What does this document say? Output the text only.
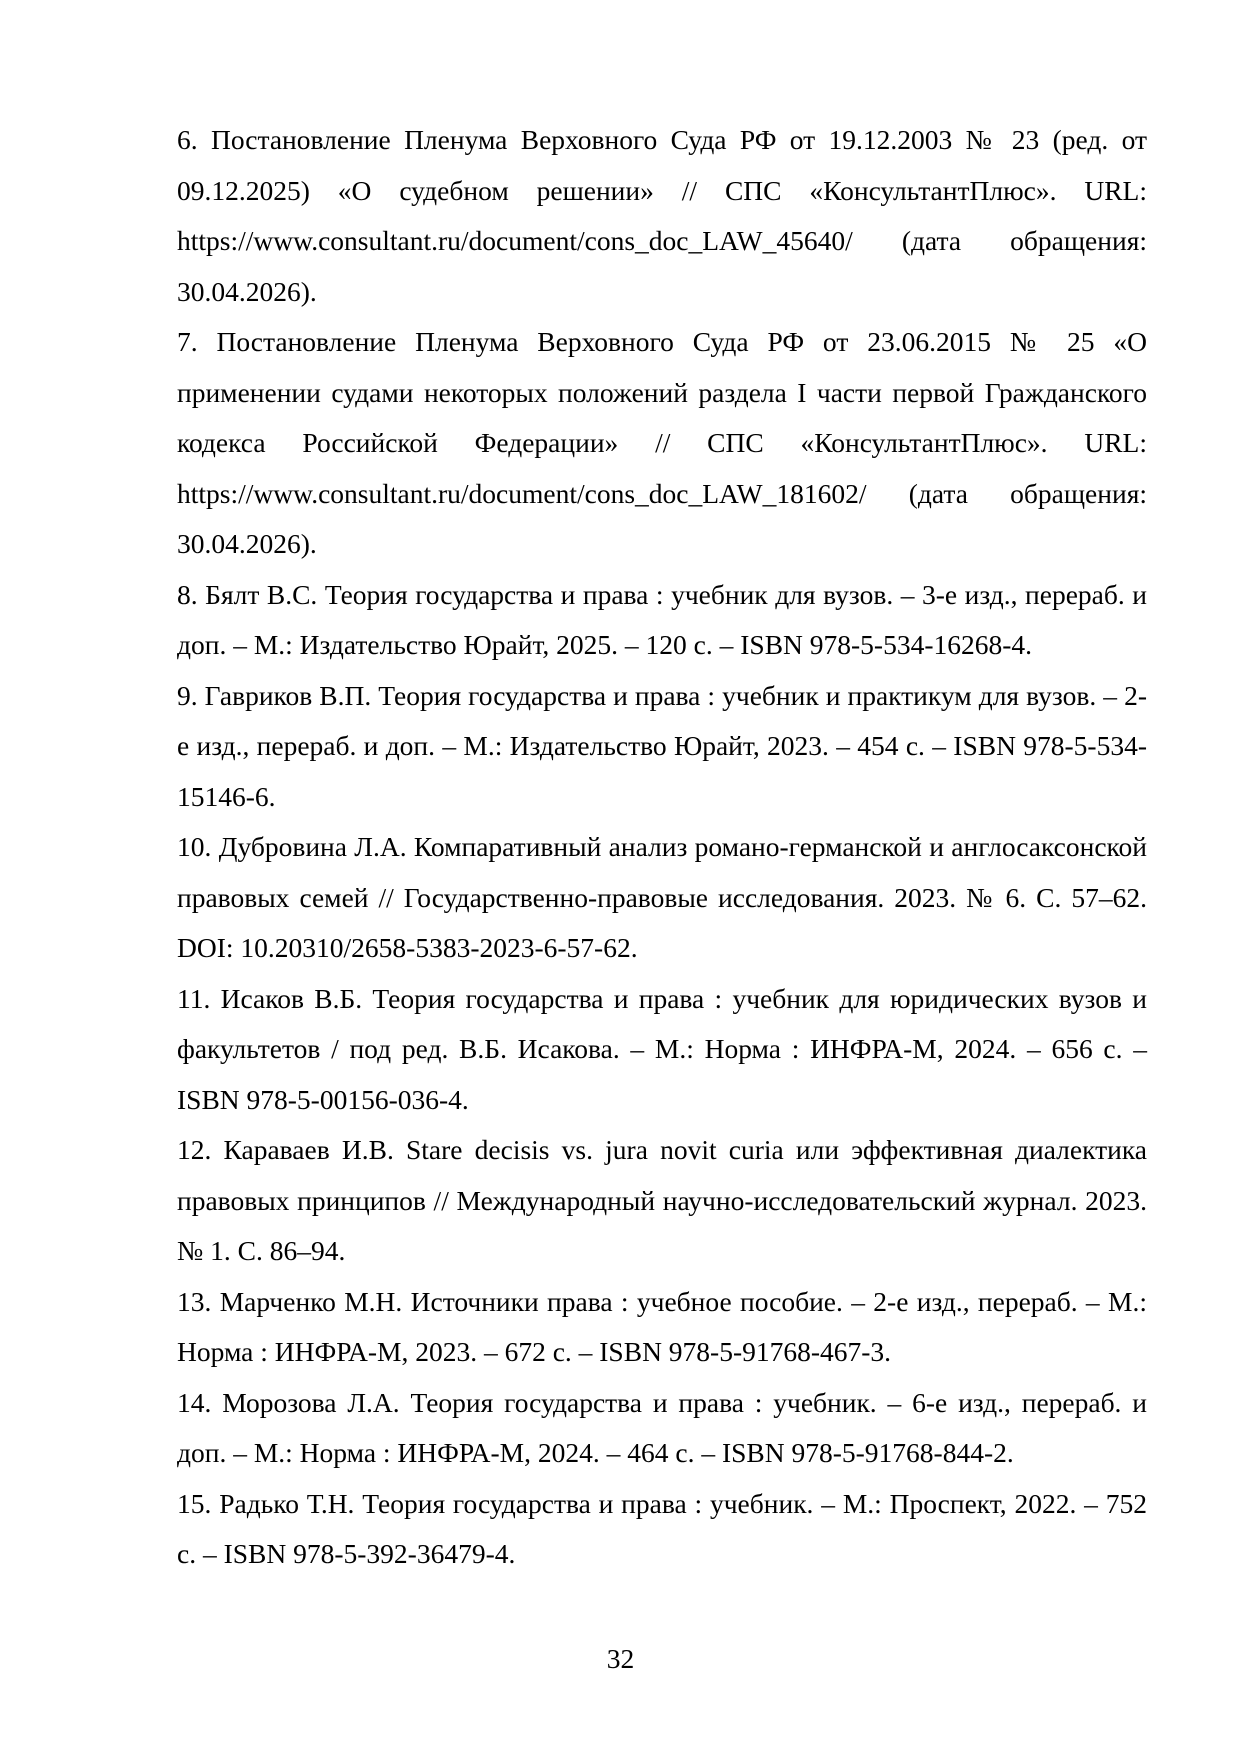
6. Постановление Пленума Верховного Суда РФ от 19.12.2003 № 23 (ред. от 09.12.2025) «О судебном решении» // СПС «КонсультантПлюс». URL: https://www.consultant.ru/document/cons_doc_LAW_45640/ (дата обращения: 30.04.2026).

7. Постановление Пленума Верховного Суда РФ от 23.06.2015 № 25 «О применении судами некоторых положений раздела I части первой Гражданского кодекса Российской Федерации» // СПС «КонсультантПлюс». URL: https://www.consultant.ru/document/cons_doc_LAW_181602/ (дата обращения: 30.04.2026).

8. Бялт В.С. Теория государства и права : учебник для вузов. – 3-е изд., перераб. и доп. – М.: Издательство Юрайт, 2025. – 120 с. – ISBN 978-5-534-16268-4.

9. Гавриков В.П. Теория государства и права : учебник и практикум для вузов. – 2-е изд., перераб. и доп. – М.: Издательство Юрайт, 2023. – 454 с. – ISBN 978-5-534-15146-6.

10. Дубровина Л.А. Компаративный анализ романо-германской и англосаксонской правовых семей // Государственно-правовые исследования. 2023. № 6. С. 57–62. DOI: 10.20310/2658-5383-2023-6-57-62.

11. Исаков В.Б. Теория государства и права : учебник для юридических вузов и факультетов / под ред. В.Б. Исакова. – М.: Норма : ИНФРА-М, 2024. – 656 с. – ISBN 978-5-00156-036-4.

12. Караваев И.В. Stare decisis vs. jura novit curia или эффективная диалектика правовых принципов // Международный научно-исследовательский журнал. 2023. № 1. С. 86–94.

13. Марченко М.Н. Источники права : учебное пособие. – 2-е изд., перераб. – М.: Норма : ИНФРА-М, 2023. – 672 с. – ISBN 978-5-91768-467-3.

14. Морозова Л.А. Теория государства и права : учебник. – 6-е изд., перераб. и доп. – М.: Норма : ИНФРА-М, 2024. – 464 с. – ISBN 978-5-91768-844-2.

15. Радько Т.Н. Теория государства и права : учебник. – М.: Проспект, 2022. – 752 с. – ISBN 978-5-392-36479-4.

32
